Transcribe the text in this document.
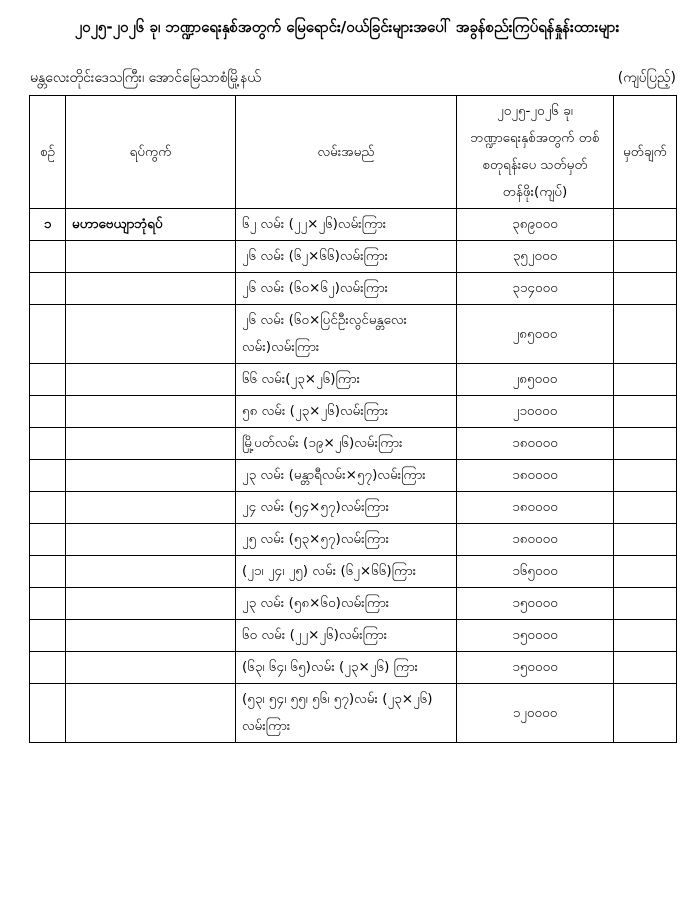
၂၀၂၅-၂၀၂၆ ခု၊ ဘဏ္ဍာရေးနှစ်အတွက် မြေရောင်း/ဝယ်ခြင်းများအပေါ် အခွန်စည်းကြပ်ရန်နှုန်းထားများ
မန္တလေးတိုင်းဒေသကြီး၊ အောင်မြေသာစံမြို့နယ်	(ကျပ်ပြည့်)
စဉ်	ရပ်ကွက်	လမ်းအမည်	၂၀၂၅-၂၀၂၆ ခု၊ ဘဏ္ဍာရေးနှစ်အတွက် တစ်စတုရန်းပေ သတ်မှတ်တန်ဖိုး(ကျပ်)	မှတ်ချက်
၁	မဟာဗေယျာဘုံရပ်	၆၂ လမ်း (၂၂×၂၆)လမ်းကြား	၃၈၉၀၀၀	
		၂၆ လမ်း (၆၂×၆၆)လမ်းကြား	၃၅၂၀၀၀	
		၂၆ လမ်း (၆၀×၆၂)လမ်းကြား	၃၁၄၀၀၀	
		၂၆ လမ်း (၆၀×ပြင်ဦးလွင်မန္တလေးလမ်း)လမ်းကြား	၂၈၅၀၀၀	
		၆၆ လမ်း(၂၃×၂၆)ကြား	၂၈၅၀၀၀	
		၅၈ လမ်း (၂၃×၂၆)လမ်းကြား	၂၁၀၀၀၀	
		မြို့ပတ်လမ်း (၁၉×၂၆)လမ်းကြား	၁၈၀၀၀၀	
		၂၃ လမ်း (မန္တာရီလမ်း×၅၇)လမ်းကြား	၁၈၀၀၀၀	
		၂၄ လမ်း (၅၄×၅၇)လမ်းကြား	၁၈၀၀၀၀	
		၂၅ လမ်း (၅၃×၅၇)လမ်းကြား	၁၈၀၀၀၀	
		(၂၁၊ ၂၄၊ ၂၅) လမ်း (၆၂×၆၆)ကြား	၁၆၅၀၀၀	
		၂၃ လမ်း (၅၈×၆၀)လမ်းကြား	၁၅၀၀၀၀	
		၆၀ လမ်း (၂၂×၂၆)လမ်းကြား	၁၅၀၀၀၀	
		(၆၃၊ ၆၄၊ ၆၅)လမ်း (၂၃×၂၆) ကြား	၁၅၀၀၀၀	
		(၅၃၊ ၅၄၊ ၅၅၊ ၅၆၊ ၅၇)လမ်း (၂၃×၂၆) လမ်းကြား	၁၂၀၀၀၀	
